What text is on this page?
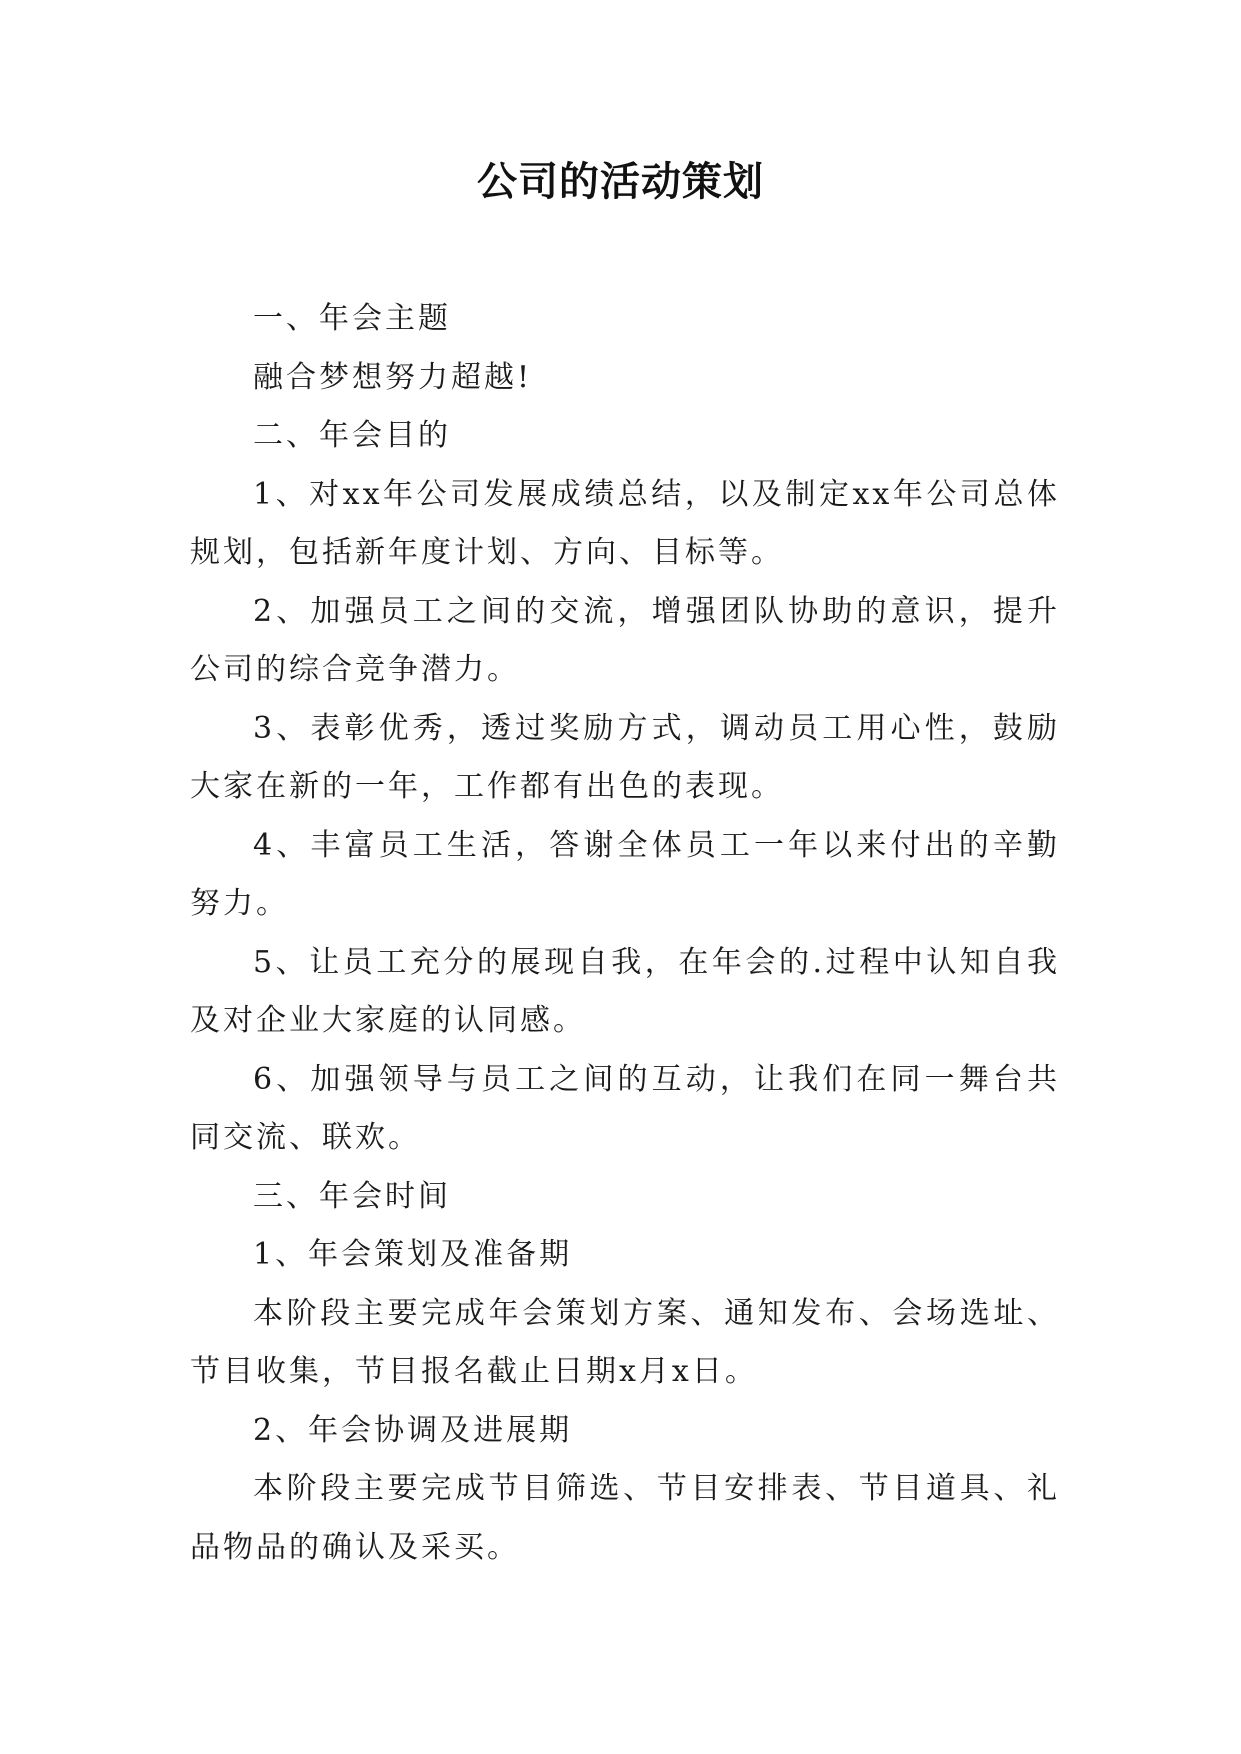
公司的活动策划

一、年会主题

融合梦想努力超越!

二、年会目的

1、对xx年公司发展成绩总结，以及制定xx年公司总体规划，包括新年度计划、方向、目标等。

2、加强员工之间的交流，增强团队协助的意识，提升公司的综合竞争潜力。

3、表彰优秀，透过奖励方式，调动员工用心性，鼓励大家在新的一年，工作都有出色的表现。

4、丰富员工生活，答谢全体员工一年以来付出的辛勤努力。

5、让员工充分的展现自我，在年会的.过程中认知自我及对企业大家庭的认同感。

6、加强领导与员工之间的互动，让我们在同一舞台共同交流、联欢。

三、年会时间

1、年会策划及准备期

本阶段主要完成年会策划方案、通知发布、会场选址、节目收集，节目报名截止日期x月x日。

2、年会协调及进展期

本阶段主要完成节目筛选、节目安排表、节目道具、礼品物品的确认及采买。
